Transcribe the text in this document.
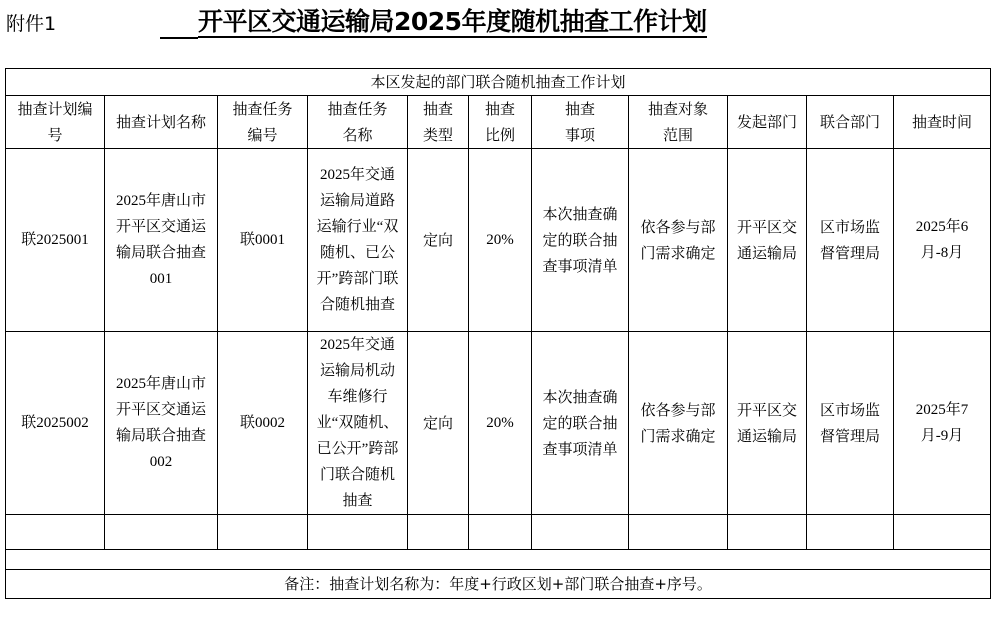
附件1	开平区交通运输局2025年度随机抽查工作计划
本区发起的部门联合随机抽查工作计划										
抽查计划编号	抽查计划名称	抽查任务编号	抽查任务名称	抽查类型	抽查比例	抽查事项	抽查对象范围	发起部门	联合部门	抽查时间
联2025001	2025年唐山市开平区交通运输局联合抽查001	联0001	2025年交通运输局道路运输行业“双随机、已公开”跨部门联合随机抽查	定向	20%	本次抽查确定的联合抽查事项清单	依各参与部门需求确定	开平区交通运输局	区市场监督管理局	2025年6月-8月
联2025002	2025年唐山市开平区交通运输局联合抽查002	联0002	2025年交通运输局机动车维修行业“双随机、已公开”跨部门联合随机抽查	定向	20%	本次抽查确定的联合抽查事项清单	依各参与部门需求确定	开平区交通运输局	区市场监督管理局	2025年7月-9月

备注：抽查计划名称为：年度+行政区划+部门联合抽查+序号。										
